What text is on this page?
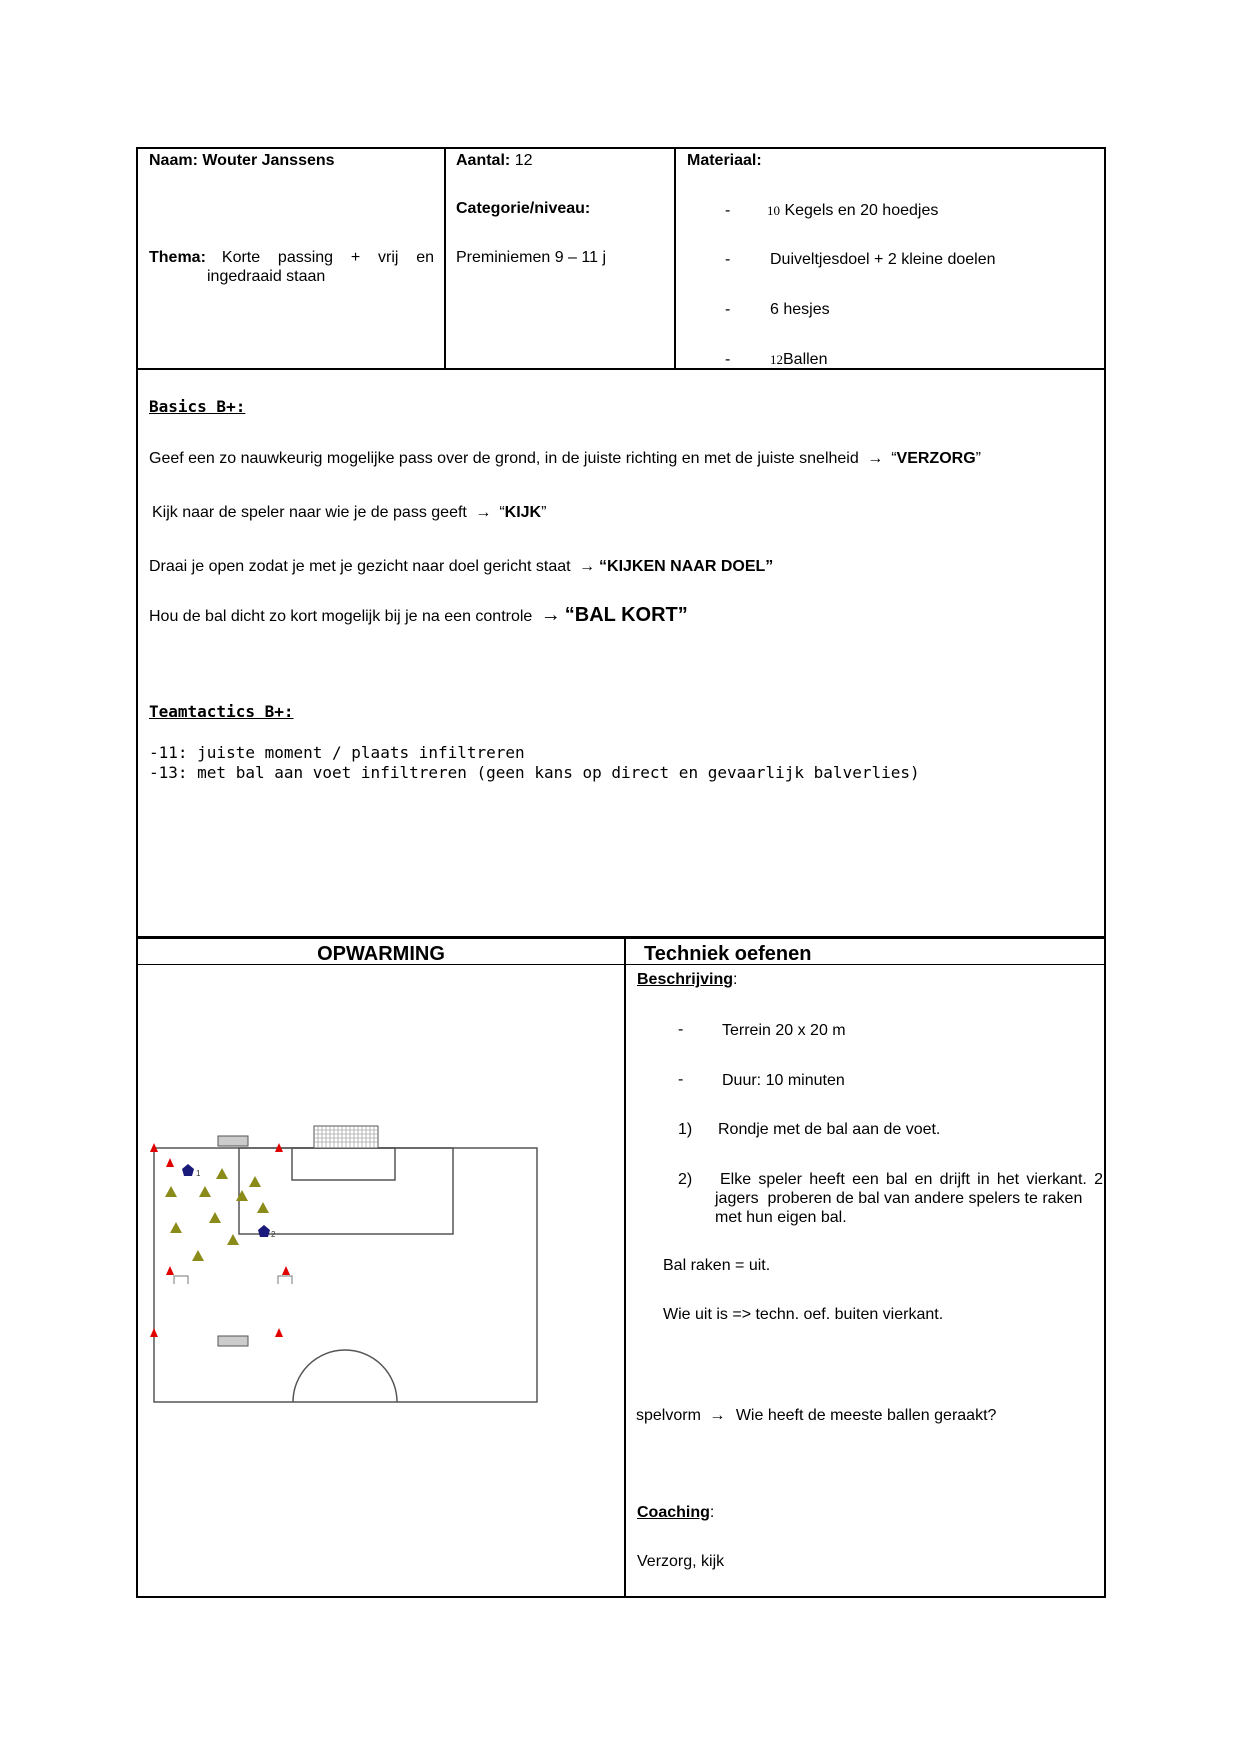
Naam: Wouter Janssens
Thema: Korte passing + vrij en
ingedraaid staan
Aantal: 12
Categorie/niveau:
Preminiemen 9 – 11 j
Materiaal:
-	10 Kegels en 20 hoedjes
- Duiveltjesdoel + 2 kleine doelen
- 6 hesjes
-	12Ballen
Basics B+:
Geef een zo nauwkeurig mogelijke pass over de grond, in de juiste richting en met de juiste snelheid → “VERZORG”
Kijk naar de speler naar wie je de pass geeft → “KIJK”
Draai je open zodat je met je gezicht naar doel gericht staat → “KIJKEN NAAR DOEL”
Hou de bal dicht zo kort mogelijk bij je na een controle → “BAL KORT”
Teamtactics B+:
-11: juiste moment / plaats infiltreren
-13: met bal aan voet infiltreren (geen kans op direct en gevaarlijk balverlies)
OPWARMING	Techniek oefenen
1
2
Beschrijving:
- Terrein 20 x 20 m
- Duur: 10 minuten
1) Rondje met de bal aan de voet.
2)	Elke speler heeft een bal en drijft in het vierkant. 2
jagers  proberen de bal van andere spelers te raken
met hun eigen bal.
Bal raken = uit.
Wie uit is => techn. oef. buiten vierkant.
spelvorm → Wie heeft de meeste ballen geraakt?
Coaching:
Verzorg, kijk
